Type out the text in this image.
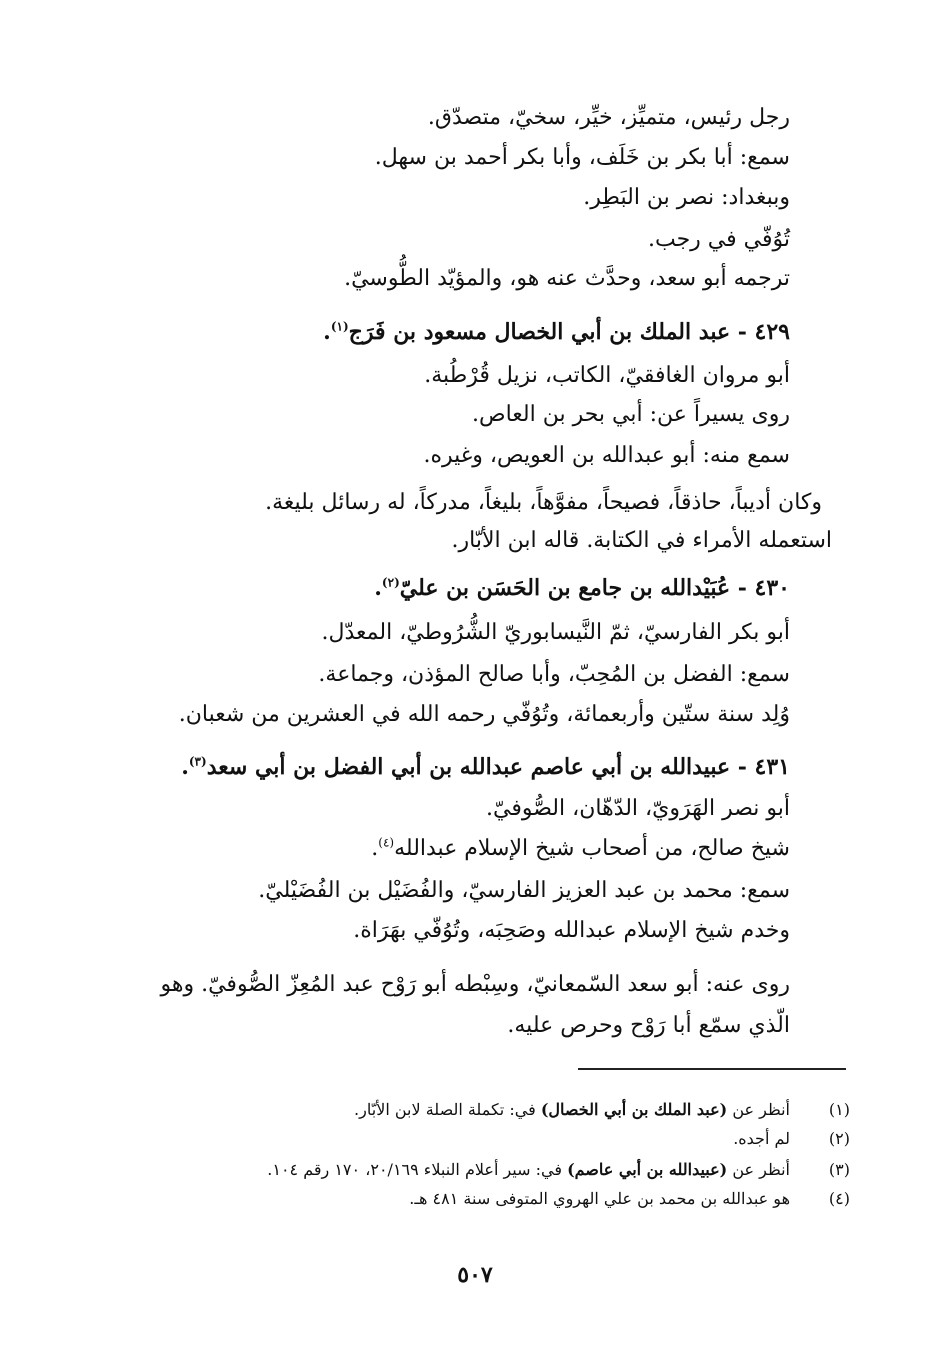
رجل رئيس، متميِّز، خيِّر، سخيّ، متصدّق.
سمع: أبا بكر بن خَلَف، وأبا بكر أحمد بن سهل.
وببغداد: نصر بن البَطِر.
تُوُفّي في رجب.
ترجمه أبو سعد، وحدَّث عنه هو، والمؤيّد الطُّوسيّ.
٤٢٩ - عبد الملك بن أبي الخصال مسعود بن فَرَج$^{(١)}$.
أبو مروان الغافقيّ، الكاتب، نزيل قُرْطُبة.
روى يسيراً عن: أبي بحر بن العاص.
سمع منه: أبو عبدالله بن العويص، وغيره.
وكان أديباً، حاذقاً، فصيحاً، مفوَّهاً، بليغاً، مدركاً، له رسائل بليغة.
استعمله الأمراء في الكتابة. قاله ابن الأبّار.
٤٣٠ - عُبَيْدالله بن جامع بن الحَسَن بن عليّ$^{(٢)}$.
أبو بكر الفارسيّ، ثمّ النَّيسابوريّ الشُّرُوطيّ، المعدّل.
سمع: الفضل بن المُحِبّ، وأبا صالح المؤذن، وجماعة.
وُلِد سنة ستّين وأربعمائة، وتُوُفّي رحمه الله في العشرين من شعبان.
٤٣١ - عبيدالله بن أبي عاصم عبدالله بن أبي الفضل بن أبي سعد$^{(٣)}$.
أبو نصر الهَرَويّ، الدّهّان، الصُّوفيّ.
شيخ صالح، من أصحاب شيخ الإسلام عبدالله$^{(٤)}$.
سمع: محمد بن عبد العزيز الفارسيّ، والفُضَيْل بن الفُضَيْليّ.
وخدم شيخ الإسلام عبدالله وصَحِبَه، وتُوُفّي بهَرَاة.
روى عنه: أبو سعد السّمعانيّ، وسِبْطه أبو رَوْح عبد المُعِزّ الصُّوفيّ. وهو
الّذي سمّع أبا رَوْح وحرص عليه.
(١)
أنظر عن (عبد الملك بن أبي الخصال) في: تكملة الصلة لابن الأبّار.
(٢)
لم أجده.
(٣)
أنظر عن (عبيدالله بن أبي عاصم) في: سير أعلام النبلاء ٢٠/١٦٩، ١٧٠ رقم ١٠٤.
(٤)
هو عبدالله بن محمد بن علي الهروي المتوفى سنة ٤٨١ هـ.
٥٠٧
